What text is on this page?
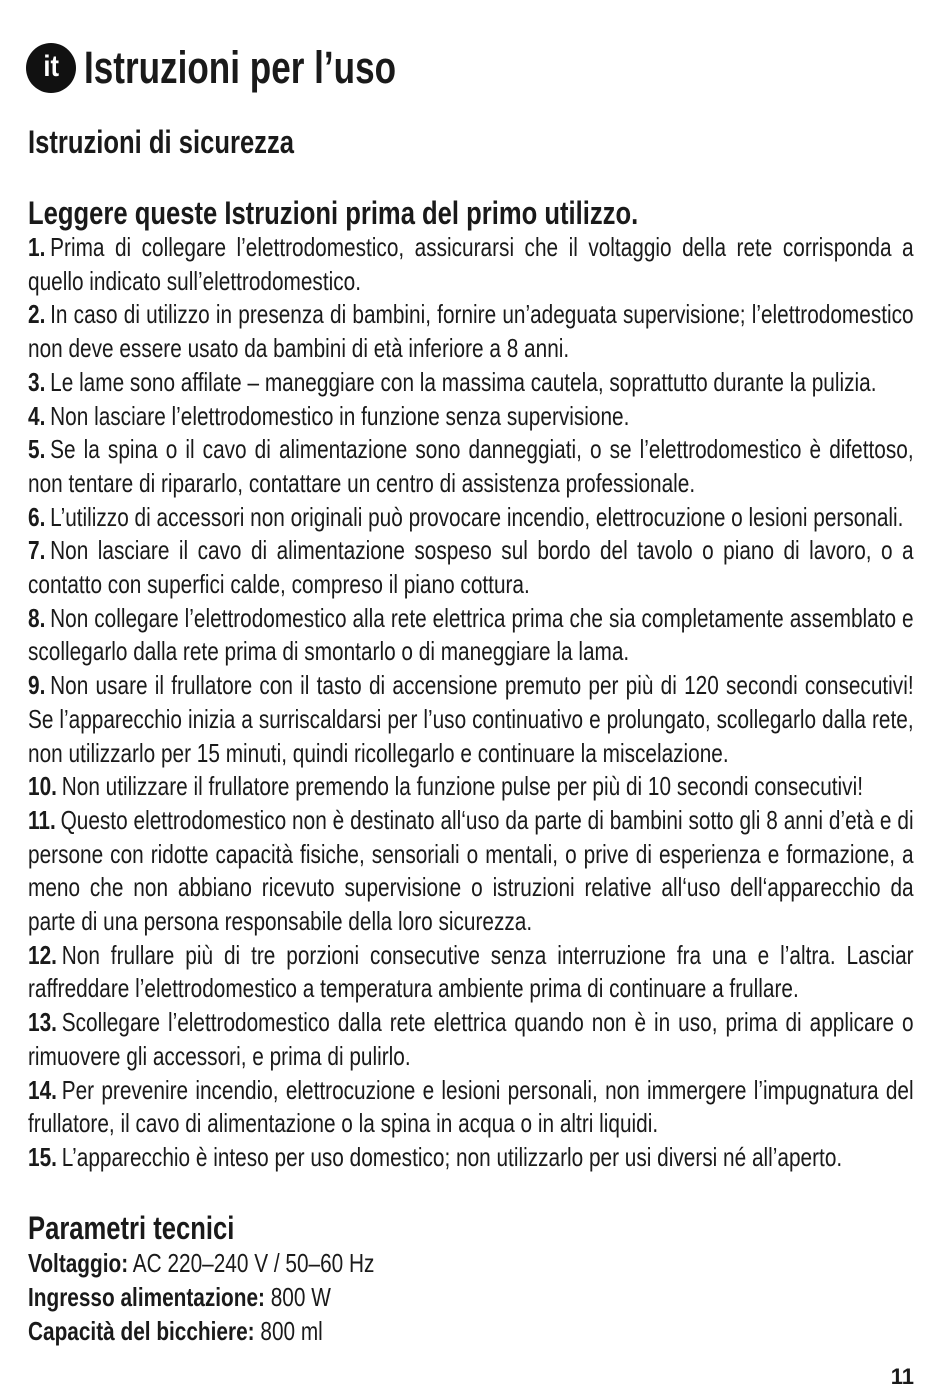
it Istruzioni per l’uso
Istruzioni di sicurezza
Leggere queste Istruzioni prima del primo utilizzo.

1. Prima di collegare l’elettrodomestico, assicurarsi che il voltaggio della rete corrisponda a quello indicato sull’elettrodomestico.

2. In caso di utilizzo in presenza di bambini, fornire un’adeguata supervisione; l’elettrodomestico non deve essere usato da bambini di età inferiore a 8 anni.

3. Le lame sono affilate – maneggiare con la massima cautela, soprattutto durante la pulizia.

4. Non lasciare l’elettrodomestico in funzione senza supervisione.

5. Se la spina o il cavo di alimentazione sono danneggiati, o se l’elettrodomestico è difettoso, non tentare di ripararlo, contattare un centro di assistenza professionale.

6. L’utilizzo di accessori non originali può provocare incendio, elettrocuzione o lesioni personali.

7. Non lasciare il cavo di alimentazione sospeso sul bordo del tavolo o piano di lavoro, o a contatto con superfici calde, compreso il piano cottura.

8. Non collegare l’elettrodomestico alla rete elettrica prima che sia completamente assemblato e scollegarlo dalla rete prima di smontarlo o di maneggiare la lama.

9. Non usare il frullatore con il tasto di accensione premuto per più di 120 secondi consecutivi! Se l’apparecchio inizia a surriscaldarsi per l’uso continuativo e prolungato, scollegarlo dalla rete, non utilizzarlo per 15 minuti, quindi ricollegarlo e continuare la miscelazione.

10. Non utilizzare il frullatore premendo la funzione pulse per più di 10 secondi consecutivi!

11. Questo elettrodomestico non è destinato all‘uso da parte di bambini sotto gli 8 anni d’età e di persone con ridotte capacità fisiche, sensoriali o mentali, o prive di esperienza e formazione, a meno che non abbiano ricevuto supervisione o istruzioni relative all‘uso dell‘apparecchio da parte di una persona responsabile della loro sicurezza.

12. Non frullare più di tre porzioni consecutive senza interruzione fra una e l’altra. Lasciar raffreddare l’elettrodomestico a temperatura ambiente prima di continuare a frullare.

13. Scollegare l’elettrodomestico dalla rete elettrica quando non è in uso, prima di applicare o rimuovere gli accessori, e prima di pulirlo.

14. Per prevenire incendio, elettrocuzione e lesioni personali, non immergere l’impugnatura del frullatore, il cavo di alimentazione o la spina in acqua o in altri liquidi.

15. L’apparecchio è inteso per uso domestico; non utilizzarlo per usi diversi né all’aperto.

Parametri tecnici
Voltaggio: AC 220–240 V / 50–60 Hz
Ingresso alimentazione: 800 W
Capacità del bicchiere: 800 ml
11
